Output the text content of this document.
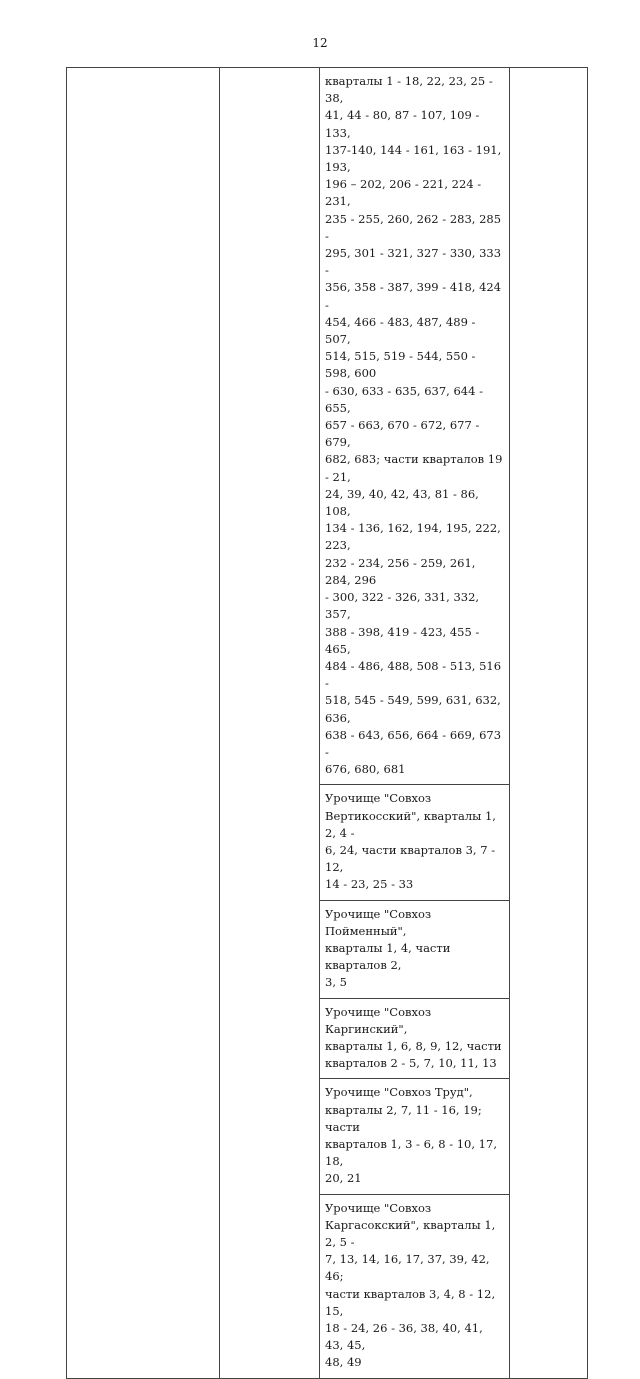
12

кварталы 1 - 18, 22, 23, 25 - 38,
41, 44 - 80, 87 - 107, 109 - 133,
137-140, 144 - 161, 163 - 191, 193,
196 – 202, 206 - 221, 224 - 231,
235 - 255, 260, 262 - 283, 285 -
295, 301 - 321, 327 - 330, 333 -
356, 358 - 387, 399 - 418, 424 -
454, 466 - 483, 487, 489 - 507,
514, 515, 519 - 544, 550 - 598, 600
- 630, 633 - 635, 637, 644 - 655,
657 - 663, 670 - 672, 677 - 679,
682, 683; части кварталов 19 - 21,
24, 39, 40, 42, 43, 81 - 86, 108,
134 - 136, 162, 194, 195, 222, 223,
232 - 234, 256 - 259, 261, 284, 296
- 300, 322 - 326, 331, 332, 357,
388 - 398, 419 - 423, 455 - 465,
484 - 486, 488, 508 - 513, 516 -
518, 545 - 549, 599, 631, 632, 636,
638 - 643, 656, 664 - 669, 673 -
676, 680, 681

Урочище "Совхоз
Вертикосский", кварталы 1, 2, 4 -
6, 24, части кварталов 3, 7 - 12,
14 - 23, 25 - 33

Урочище "Совхоз Пойменный",
кварталы 1, 4, части кварталов 2,
3, 5

Урочище "Совхоз Каргинский",
кварталы 1, 6, 8, 9, 12, части
кварталов 2 - 5, 7, 10, 11, 13

Урочище "Совхоз Труд",
кварталы 2, 7, 11 - 16, 19; части
кварталов 1, 3 - 6, 8 - 10, 17, 18,
20, 21

Урочище "Совхоз
Каргасокский", кварталы 1, 2, 5 -
7, 13, 14, 16, 17, 37, 39, 42, 46;
части кварталов 3, 4, 8 - 12, 15,
18 - 24, 26 - 36, 38, 40, 41, 43, 45,
48, 49
